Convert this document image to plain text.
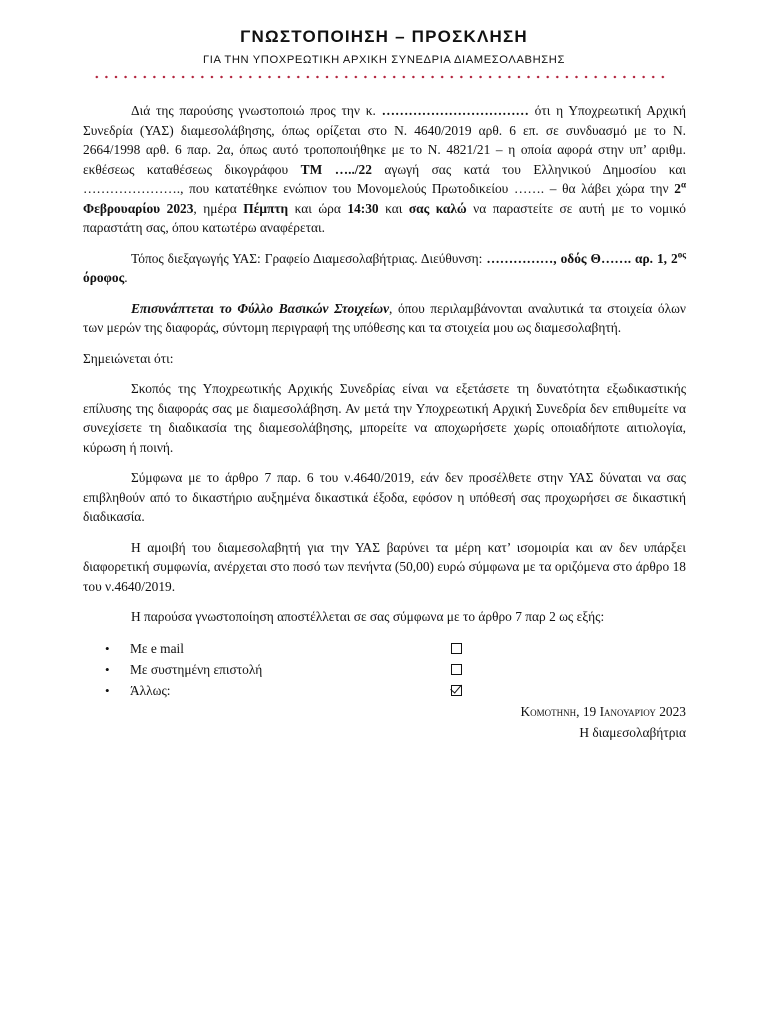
ΓΝΩΣΤΟΠΟΙΗΣΗ – ΠΡΟΣΚΛΗΣΗ
ΓΙΑ ΤΗΝ ΥΠΟΧΡΕΩΤΙΚΗ ΑΡΧΙΚΗ ΣΥΝΕΔΡΙΑ ΔΙΑΜΕΣΟΛΑΒΗΣΗΣ

Διά της παρούσης γνωστοποιώ προς την κ. …………………………… ότι η Υποχρεωτική Αρχική Συνεδρία (ΥΑΣ) διαμεσολάβησης, όπως ορίζεται στο Ν. 4640/2019 αρθ. 6 επ. σε συνδυασμό με το Ν. 2664/1998 αρθ. 6 παρ. 2α, όπως αυτό τροποποιήθηκε με το Ν. 4821/21 – η οποία αφορά στην υπ’ αριθμ. εκθέσεως καταθέσεως δικογράφου ΤΜ …../22 αγωγή σας κατά του Ελληνικού Δημοσίου και …………………., που κατατέθηκε ενώπιον του Μονομελούς Πρωτοδικείου ……. – θα λάβει χώρα την $2^\alpha$ Φεβρουαρίου 2023, ημέρα Πέμπτη και ώρα 14:30 και σας καλώ να παραστείτε σε αυτή με το νομικό παραστάτη σας, όπου κατωτέρω αναφέρεται.

Τόπος διεξαγωγής ΥΑΣ: Γραφείο Διαμεσολαβήτριας. Διεύθυνση: ……………, οδός Θ……. αρ. 1, $2^{o\varsigma}$ όροφος.

Επισυνάπτεται το Φύλλο Βασικών Στοιχείων, όπου περιλαμβάνονται αναλυτικά τα στοιχεία όλων των μερών της διαφοράς, σύντομη περιγραφή της υπόθεσης και τα στοιχεία μου ως διαμεσολαβητή.

Σημειώνεται ότι:

Σκοπός της Υποχρεωτικής Αρχικής Συνεδρίας είναι να εξετάσετε τη δυνατότητα εξωδικαστικής επίλυσης της διαφοράς σας με διαμεσολάβηση. Αν μετά την Υποχρεωτική Αρχική Συνεδρία δεν επιθυμείτε να συνεχίσετε τη διαδικασία της διαμεσολάβησης, μπορείτε να αποχωρήσετε χωρίς οποιαδήποτε αιτιολογία, κύρωση ή ποινή.

Σύμφωνα με το άρθρο 7 παρ. 6 του ν.4640/2019, εάν δεν προσέλθετε στην ΥΑΣ δύναται να σας επιβληθούν από το δικαστήριο αυξημένα δικαστικά έξοδα, εφόσον η υπόθεσή σας προχωρήσει σε δικαστική διαδικασία.

Η αμοιβή του διαμεσολαβητή για την ΥΑΣ βαρύνει τα μέρη κατ’ ισομοιρία και αν δεν υπάρξει διαφορετική συμφωνία, ανέρχεται στο ποσό των πενήντα (50,00) ευρώ σύμφωνα με τα οριζόμενα στο άρθρο 18 του ν.4640/2019.

Η παρούσα γνωστοποίηση αποστέλλεται σε σας σύμφωνα με το άρθρο 7 παρ 2 ως εξής:

• Με e mail
• Με συστημένη επιστολή
• Άλλως:
Κομοτηνη, 19 Ιανουαρίου 2023
Η διαμεσολαβήτρια
